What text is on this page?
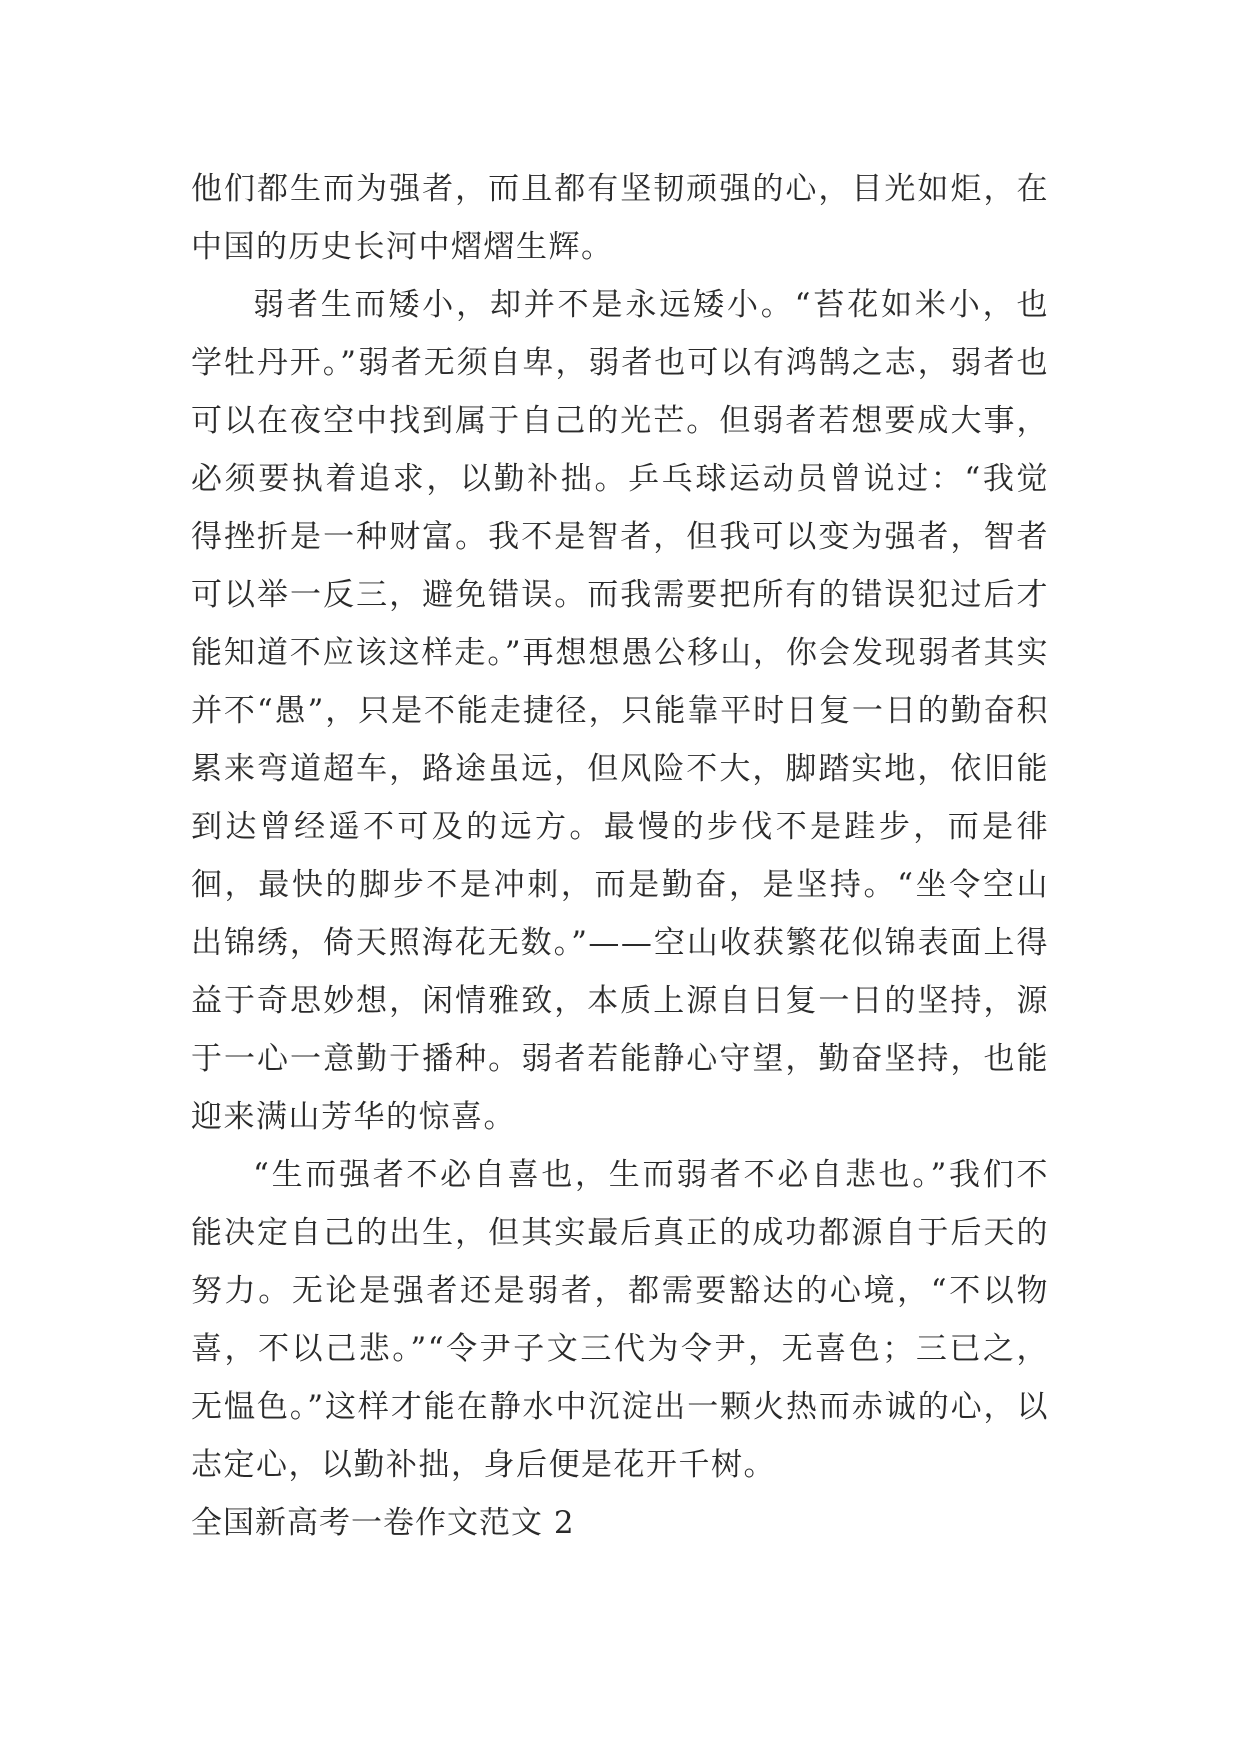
他们都生而为强者，而且都有坚韧顽强的心，目光如炬，在中国的历史长河中熠熠生辉。

弱者生而矮小，却并不是永远矮小。“苔花如米小，也学牡丹开。”弱者无须自卑，弱者也可以有鸿鹄之志，弱者也可以在夜空中找到属于自己的光芒。但弱者若想要成大事，必须要执着追求，以勤补拙。乒乓球运动员曾说过：“我觉得挫折是一种财富。我不是智者，但我可以变为强者，智者可以举一反三，避免错误。而我需要把所有的错误犯过后才能知道不应该这样走。”再想想愚公移山，你会发现弱者其实并不“愚”，只是不能走捷径，只能靠平时日复一日的勤奋积累来弯道超车，路途虽远，但风险不大，脚踏实地，依旧能到达曾经遥不可及的远方。最慢的步伐不是跬步，而是徘徊，最快的脚步不是冲刺，而是勤奋，是坚持。“坐令空山出锦绣，倚天照海花无数。”——空山收获繁花似锦表面上得益于奇思妙想，闲情雅致，本质上源自日复一日的坚持，源于一心一意勤于播种。弱者若能静心守望，勤奋坚持，也能迎来满山芳华的惊喜。

“生而强者不必自喜也，生而弱者不必自悲也。”我们不能决定自己的出生，但其实最后真正的成功都源自于后天的努力。无论是强者还是弱者，都需要豁达的心境，“不以物喜，不以己悲。”“令尹子文三代为令尹，无喜色；三已之，无愠色。”这样才能在静水中沉淀出一颗火热而赤诚的心，以志定心，以勤补拙，身后便是花开千树。

全国新高考一卷作文范文 2
